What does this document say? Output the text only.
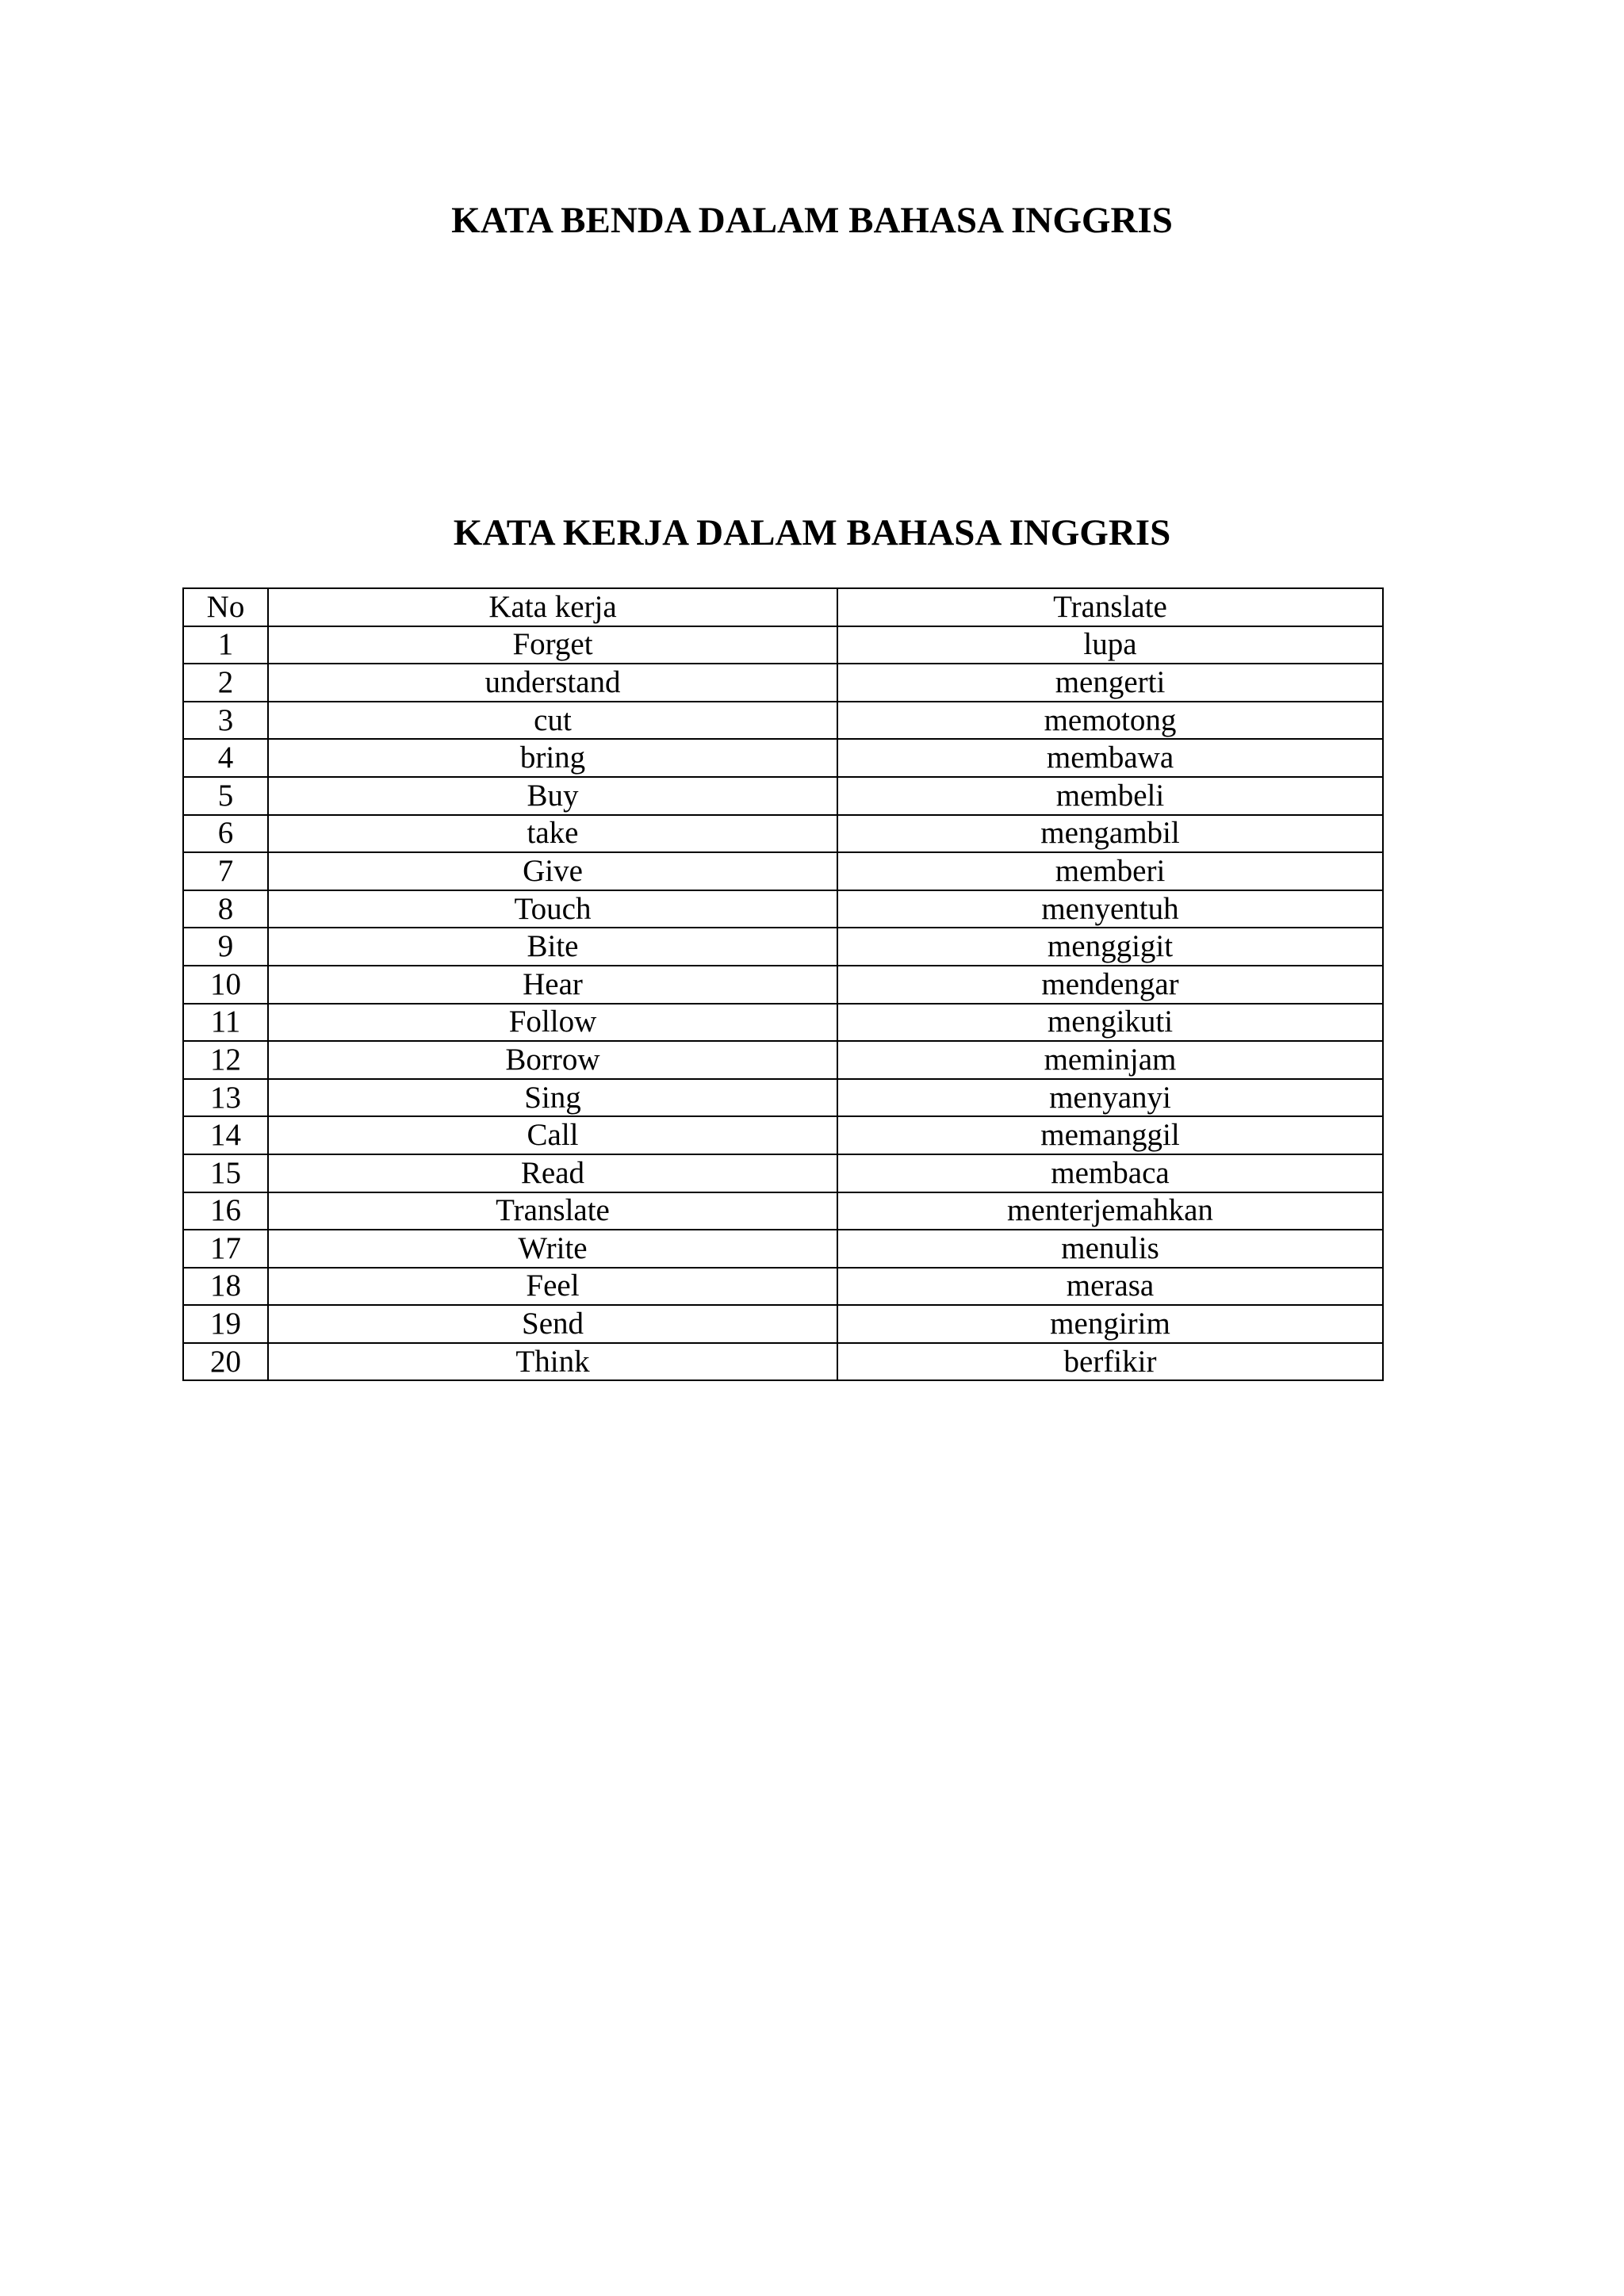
KATA BENDA DALAM BAHASA INGGRIS
KATA KERJA DALAM BAHASA INGGRIS
No	Kata kerja	Translate
1	Forget	lupa
2	understand	mengerti
3	cut	memotong
4	bring	membawa
5	Buy	membeli
6	take	mengambil
7	Give	memberi
8	Touch	menyentuh
9	Bite	menggigit
10	Hear	mendengar
11	Follow	mengikuti
12	Borrow	meminjam
13	Sing	menyanyi
14	Call	memanggil
15	Read	membaca
16	Translate	menterjemahkan
17	Write	menulis
18	Feel	merasa
19	Send	mengirim
20	Think	berfikir
